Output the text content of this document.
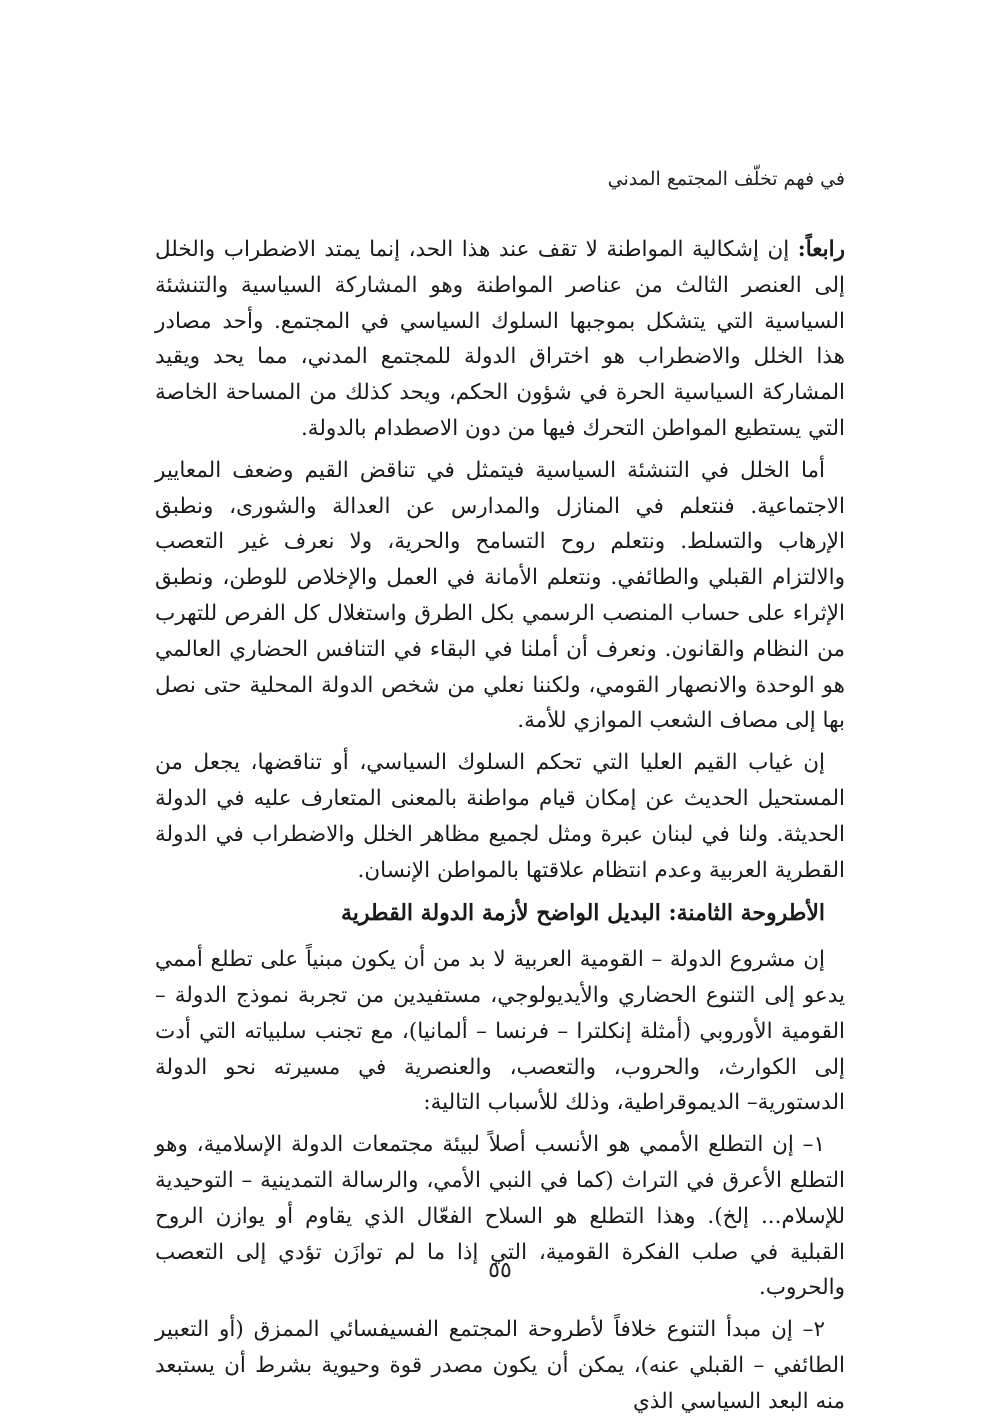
في فهم تخلّف المجتمع المدني

رابعاً: إن إشكالية المواطنة لا تقف عند هذا الحد، إنما يمتد الاضطراب والخلل إلى العنصر الثالث من عناصر المواطنة وهو المشاركة السياسية والتنشئة السياسية التي يتشكل بموجبها السلوك السياسي في المجتمع. وأحد مصادر هذا الخلل والاضطراب هو اختراق الدولة للمجتمع المدني، مما يحد ويقيد المشاركة السياسية الحرة في شؤون الحكم، ويحد كذلك من المساحة الخاصة التي يستطيع المواطن التحرك فيها من دون الاصطدام بالدولة.

أما الخلل في التنشئة السياسية فيتمثل في تناقض القيم وضعف المعايير الاجتماعية. فنتعلم في المنازل والمدارس عن العدالة والشورى، ونطبق الإرهاب والتسلط. ونتعلم روح التسامح والحرية، ولا نعرف غير التعصب والالتزام القبلي والطائفي. ونتعلم الأمانة في العمل والإخلاص للوطن، ونطبق الإثراء على حساب المنصب الرسمي بكل الطرق واستغلال كل الفرص للتهرب من النظام والقانون. ونعرف أن أملنا في البقاء في التنافس الحضاري العالمي هو الوحدة والانصهار القومي، ولكننا نعلي من شخص الدولة المحلية حتى نصل بها إلى مصاف الشعب الموازي للأمة.

إن غياب القيم العليا التي تحكم السلوك السياسي، أو تناقضها، يجعل من المستحيل الحديث عن إمكان قيام مواطنة بالمعنى المتعارف عليه في الدولة الحديثة. ولنا في لبنان عبرة ومثل لجميع مظاهر الخلل والاضطراب في الدولة القطرية العربية وعدم انتظام علاقتها بالمواطن الإنسان.

الأطروحة الثامنة: البديل الواضح لأزمة الدولة القطرية

إن مشروع الدولة – القومية العربية لا بد من أن يكون مبنياً على تطلع أممي يدعو إلى التنوع الحضاري والأيديولوجي، مستفيدين من تجربة نموذج الدولة – القومية الأوروبي (أمثلة إنكلترا – فرنسا – ألمانيا)، مع تجنب سلبياته التي أدت إلى الكوارث، والحروب، والتعصب، والعنصرية في مسيرته نحو الدولة الدستورية– الديموقراطية، وذلك للأسباب التالية:

١– إن التطلع الأممي هو الأنسب أصلاً لبيئة مجتمعات الدولة الإسلامية، وهو التطلع الأعرق في التراث (كما في النبي الأمي، والرسالة التمدينية – التوحيدية للإسلام... إلخ). وهذا التطلع هو السلاح الفعّال الذي يقاوم أو يوازن الروح القبلية في صلب الفكرة القومية، التي إذا ما لم توازَن تؤدي إلى التعصب والحروب.

٢– إن مبدأ التنوع خلافاً لأطروحة المجتمع الفسيفسائي الممزق (أو التعبير الطائفي – القبلي عنه)، يمكن أن يكون مصدر قوة وحيوية بشرط أن يستبعد منه البعد السياسي الذي

٥٥
